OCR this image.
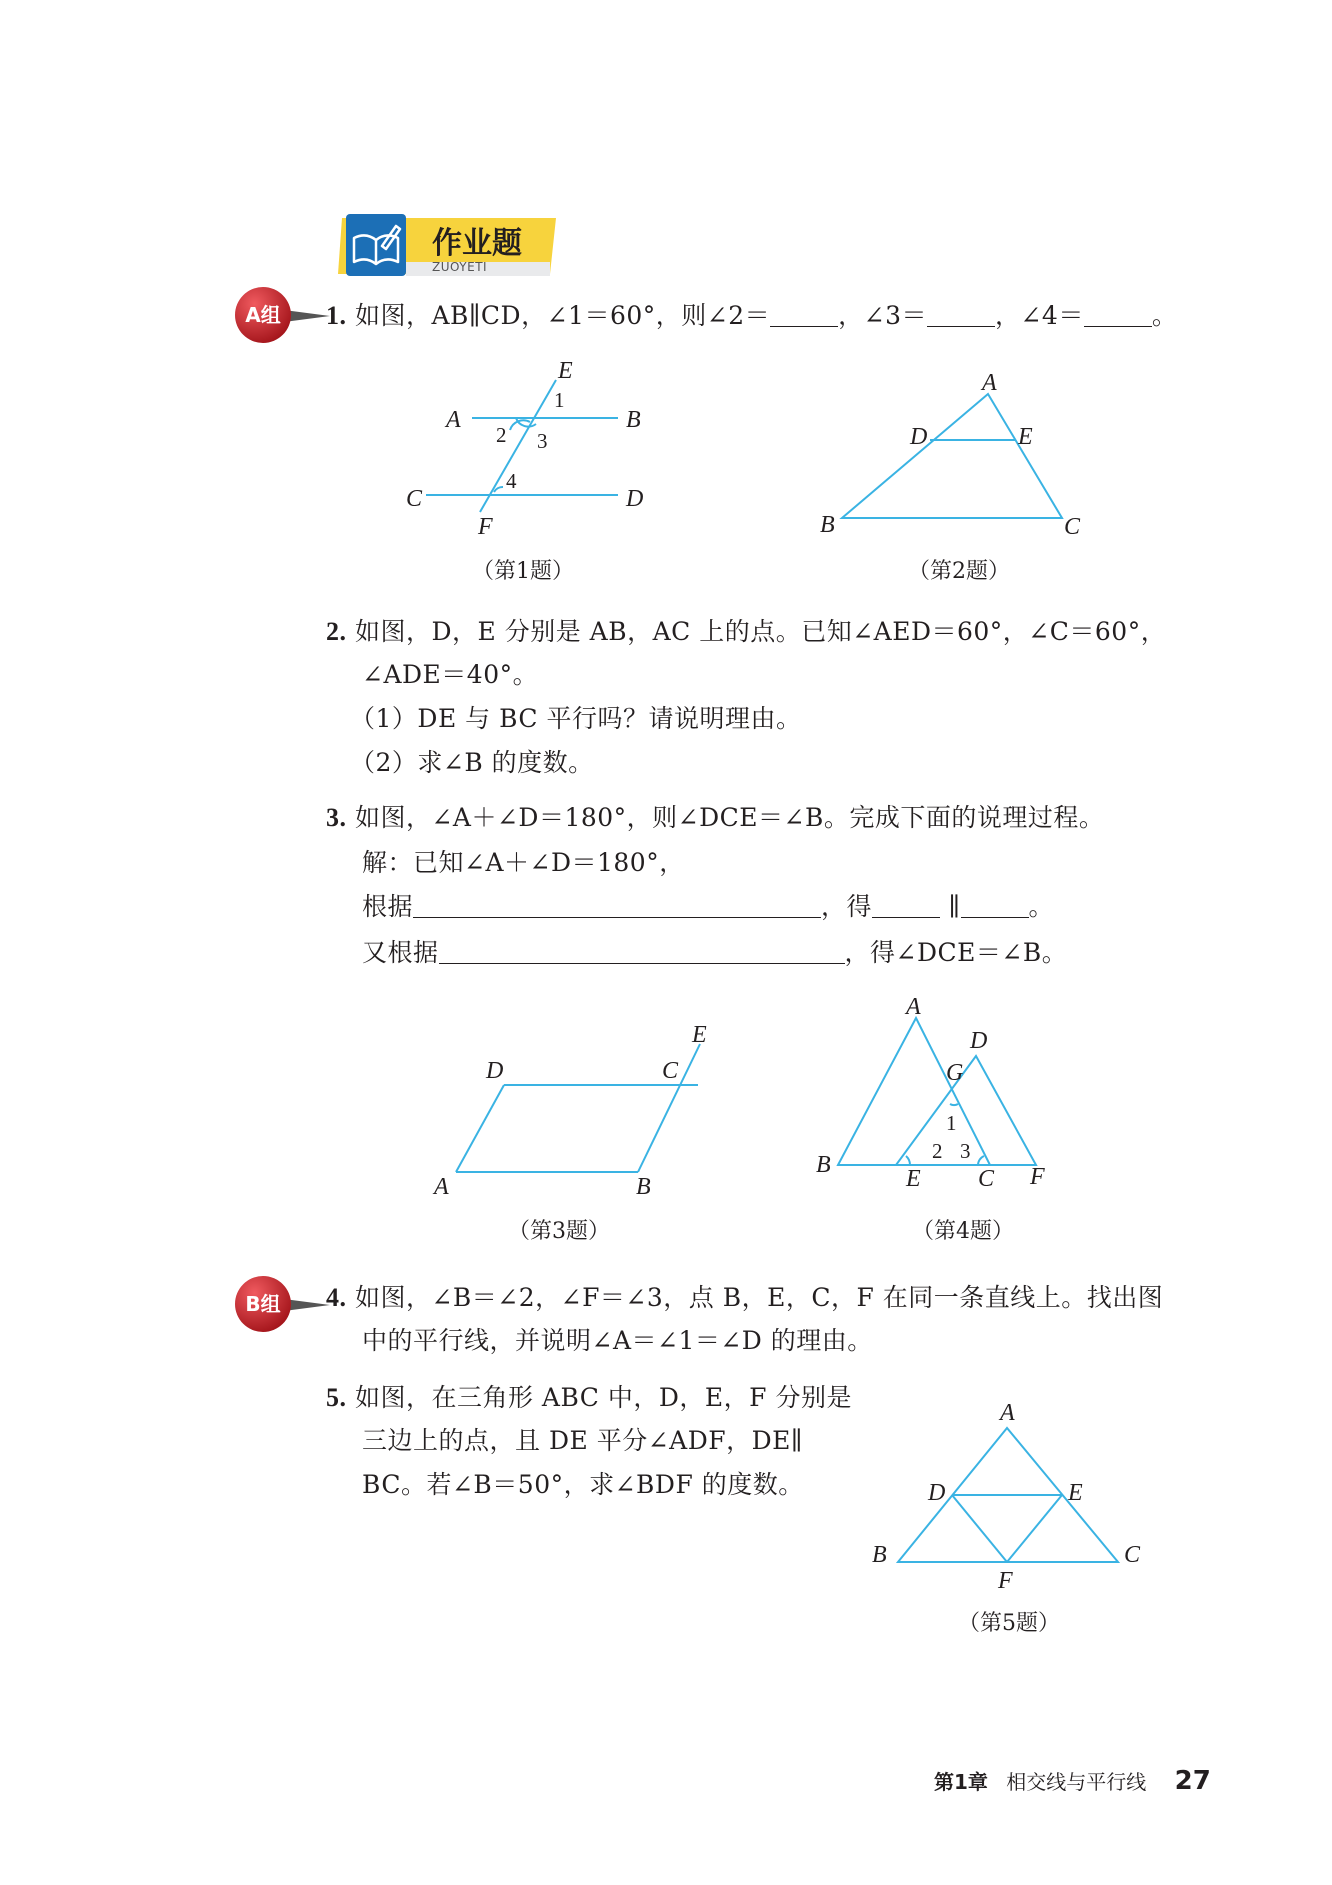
作业题
ZUOYETI
A组
B组
1. 如图，AB∥CD，∠1＝60°，则∠2＝	，∠3＝	，∠4＝	。
E
1
A	B
2 3
4
C	D
F
（第1题）
A
D	E
B	C
（第2题）
2. 如图，D，E 分别是 AB，AC 上的点。已知∠AED＝60°，∠C＝60°，
∠ADE＝40°。
（1）DE 与 BC 平行吗？请说明理由。
（2）求∠B 的度数。
3. 如图，∠A＋∠D＝180°，则∠DCE＝∠B。完成下面的说理过程。
解：已知∠A＋∠D＝180°，
根据	，得	∥	。
又根据	，得∠DCE＝∠B。
E
D	C
A	B
（第3题）
A
D
G
1
2 3
B
E C F
（第4题）
4. 如图，∠B＝∠2，∠F＝∠3，点 B，E，C，F 在同一条直线上。找出图
中的平行线，并说明∠A＝∠1＝∠D 的理由。
5. 如图，在三角形 ABC 中，D，E，F 分别是
三边上的点，且 DE 平分∠ADF，DE∥
BC。若∠B＝50°，求∠BDF 的度数。
A
D	E
B
F
C
（第5题）
第1章 相交线与平行线 27
